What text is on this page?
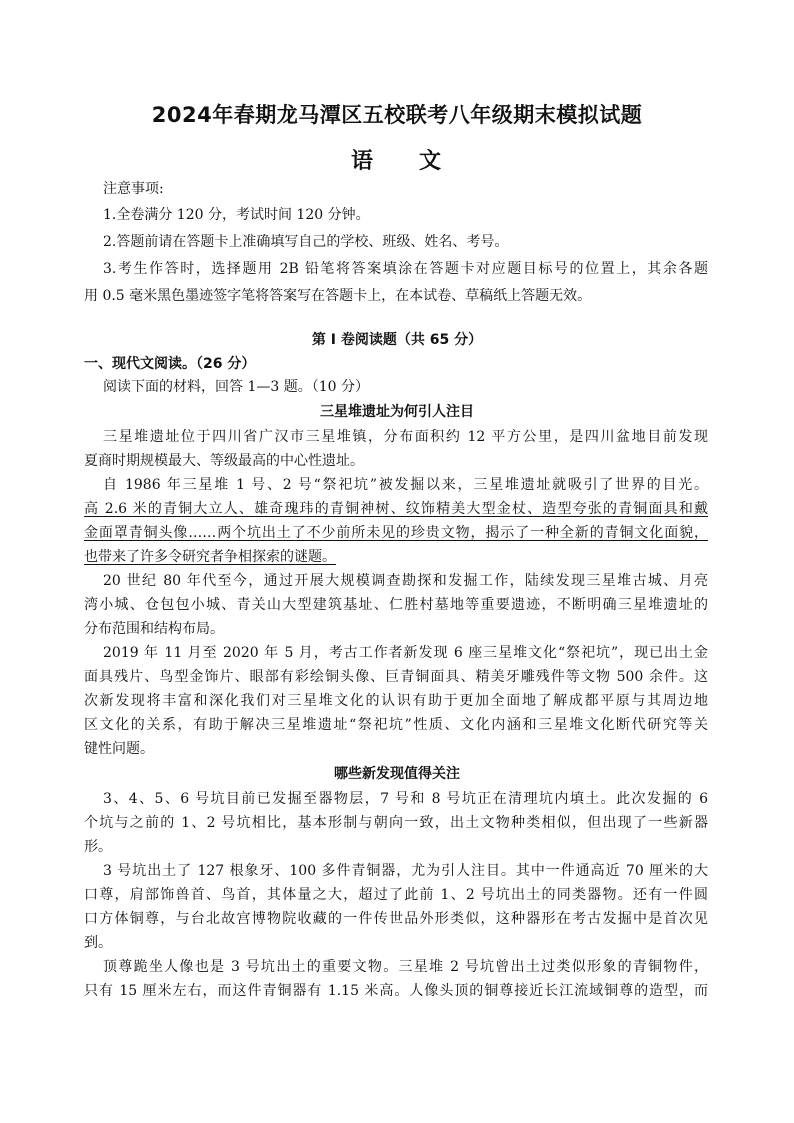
2024年春期龙马潭区五校联考八年级期末模拟试题
语 文
注意事项:
1.全卷满分 120 分，考试时间 120 分钟。
2.答题前请在答题卡上准确填写自己的学校、班级、姓名、考号。
3.考生作答时，选择题用 2B 铅笔将答案填涂在答题卡对应题目标号的位置上，其余各题
用 0.5 毫米黑色墨迹签字笔将答案写在答题卡上，在本试卷、草稿纸上答题无效。
第 I 卷阅读题（共 65 分）
一、现代文阅读。（26 分）
阅读下面的材料，回答 1—3 题。（10 分）
三星堆遗址为何引人注目
三星堆遗址位于四川省广汉市三星堆镇，分布面积约 12 平方公里，是四川盆地目前发现
夏商时期规模最大、等级最高的中心性遗址。
自 1986 年三星堆 1 号、2 号“祭祀坑”被发掘以来，三星堆遗址就吸引了世界的目光。
高 2.6 米的青铜大立人、雄奇瑰玮的青铜神树、纹饰精美大型金杖、造型夸张的青铜面具和戴
金面罩青铜头像……两个坑出土了不少前所未见的珍贵文物，揭示了一种全新的青铜文化面貌，
也带来了许多令研究者争相探索的谜题。
20 世纪 80 年代至今，通过开展大规模调查勘探和发掘工作，陆续发现三星堆古城、月亮
湾小城、仓包包小城、青关山大型建筑基址、仁胜村墓地等重要遗迹，不断明确三星堆遗址的
分布范围和结构布局。
2019 年 11 月至 2020 年 5 月，考古工作者新发现 6 座三星堆文化“祭祀坑”，现已出土金
面具残片、鸟型金饰片、眼部有彩绘铜头像、巨青铜面具、精美牙雕残件等文物 500 余件。这
次新发现将丰富和深化我们对三星堆文化的认识有助于更加全面地了解成都平原与其周边地
区文化的关系，有助于解决三星堆遗址“祭祀坑”性质、文化内涵和三星堆文化断代研究等关
键性问题。
哪些新发现值得关注
3、4、5、6 号坑目前已发掘至器物层，7 号和 8 号坑正在清理坑内填土。此次发掘的 6
个坑与之前的 1、2 号坑相比，基本形制与朝向一致，出土文物种类相似，但出现了一些新器
形。
3 号坑出土了 127 根象牙、100 多件青铜器，尤为引人注目。其中一件通高近 70 厘米的大
口尊，肩部饰兽首、鸟首，其体量之大，超过了此前 1、2 号坑出土的同类器物。还有一件圆
口方体铜尊，与台北故宫博物院收藏的一件传世品外形类似，这种器形在考古发掘中是首次见
到。
顶尊跪坐人像也是 3 号坑出土的重要文物。三星堆 2 号坑曾出土过类似形象的青铜物件，
只有 15 厘米左右，而这件青铜器有 1.15 米高。人像头顶的铜尊接近长江流域铜尊的造型，而
